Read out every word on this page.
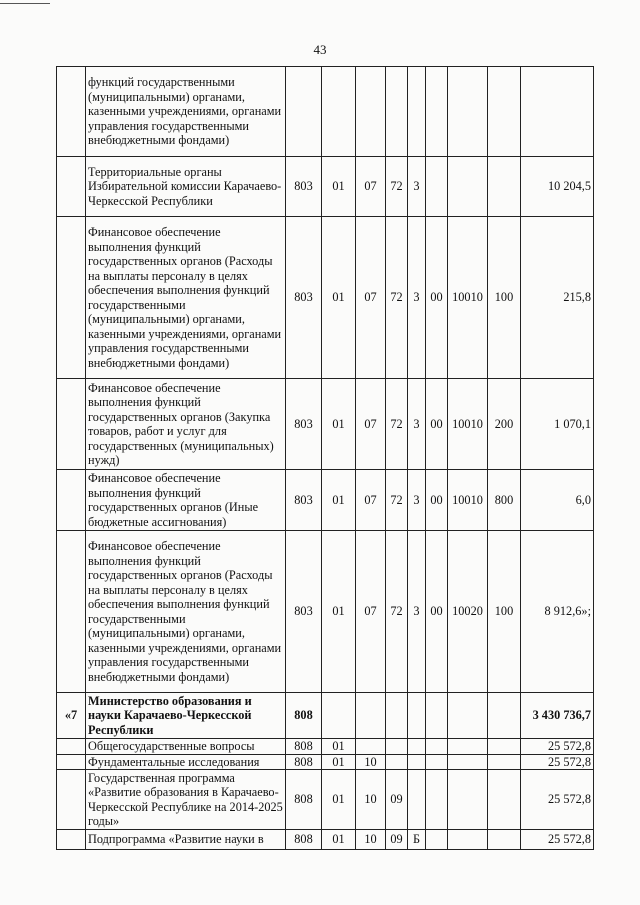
43
	функций государственными (муниципальными) органами, казенными учреждениями, органами управления государственными внебюджетными фондами)									
	Территориальные органы Избирательной комиссии Карачаево-Черкесской Республики	803	01	07	72	3				10 204,5
	Финансовое обеспечение выполнения функций государственных органов (Расходы на выплаты персоналу в целях обеспечения выполнения функций государственными (муниципальными) органами, казенными учреждениями, органами управления государственными внебюджетными фондами)	803	01	07	72	3	00	10010	100	215,8
	Финансовое обеспечение выполнения функций государственных органов (Закупка товаров, работ и услуг для государственных (муниципальных) нужд)	803	01	07	72	3	00	10010	200	1 070,1
	Финансовое обеспечение выполнения функций государственных органов (Иные бюджетные ассигнования)	803	01	07	72	3	00	10010	800	6,0
	Финансовое обеспечение выполнения функций государственных органов (Расходы на выплаты персоналу в целях обеспечения выполнения функций государственными (муниципальными) органами, казенными учреждениями, органами управления государственными внебюджетными фондами)	803	01	07	72	3	00	10020	100	8 912,6»;
«7	Министерство образования и науки Карачаево-Черкесской Республики	808								3 430 736,7
	Общегосударственные вопросы	808	01							25 572,8
	Фундаментальные исследования	808	01	10						25 572,8
	Государственная программа «Развитие образования в Карачаево-Черкесской Республике на 2014-2025 годы»	808	01	10	09					25 572,8
	Подпрограмма «Развитие науки в	808	01	10	09	Б				25 572,8
